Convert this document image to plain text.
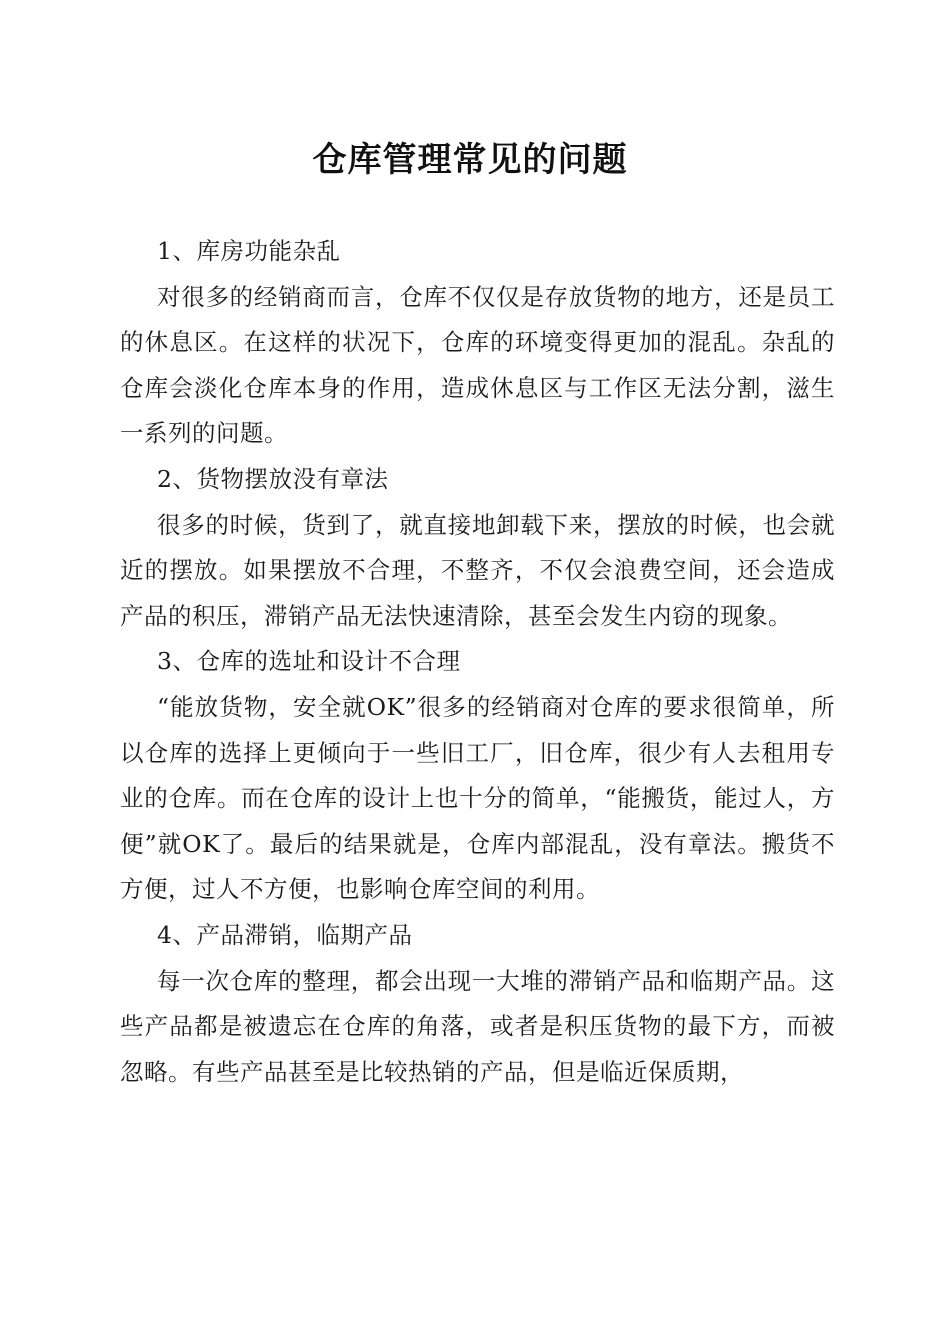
仓库管理常见的问题

1、库房功能杂乱

对很多的经销商而言，仓库不仅仅是存放货物的地方，还是员工的休息区。在这样的状况下，仓库的环境变得更加的混乱。杂乱的仓库会淡化仓库本身的作用，造成休息区与工作区无法分割，滋生一系列的问题。

2、货物摆放没有章法

很多的时候，货到了，就直接地卸载下来，摆放的时候，也会就近的摆放。如果摆放不合理，不整齐，不仅会浪费空间，还会造成产品的积压，滞销产品无法快速清除，甚至会发生内窃的现象。

3、仓库的选址和设计不合理

“能放货物，安全就OK”很多的经销商对仓库的要求很简单，所以仓库的选择上更倾向于一些旧工厂，旧仓库，很少有人去租用专业的仓库。而在仓库的设计上也十分的简单，“能搬货，能过人，方便”就OK了。最后的结果就是，仓库内部混乱，没有章法。搬货不方便，过人不方便，也影响仓库空间的利用。

4、产品滞销，临期产品

每一次仓库的整理，都会出现一大堆的滞销产品和临期产品。这些产品都是被遗忘在仓库的角落，或者是积压货物的最下方，而被忽略。有些产品甚至是比较热销的产品，但是临近保质期，
